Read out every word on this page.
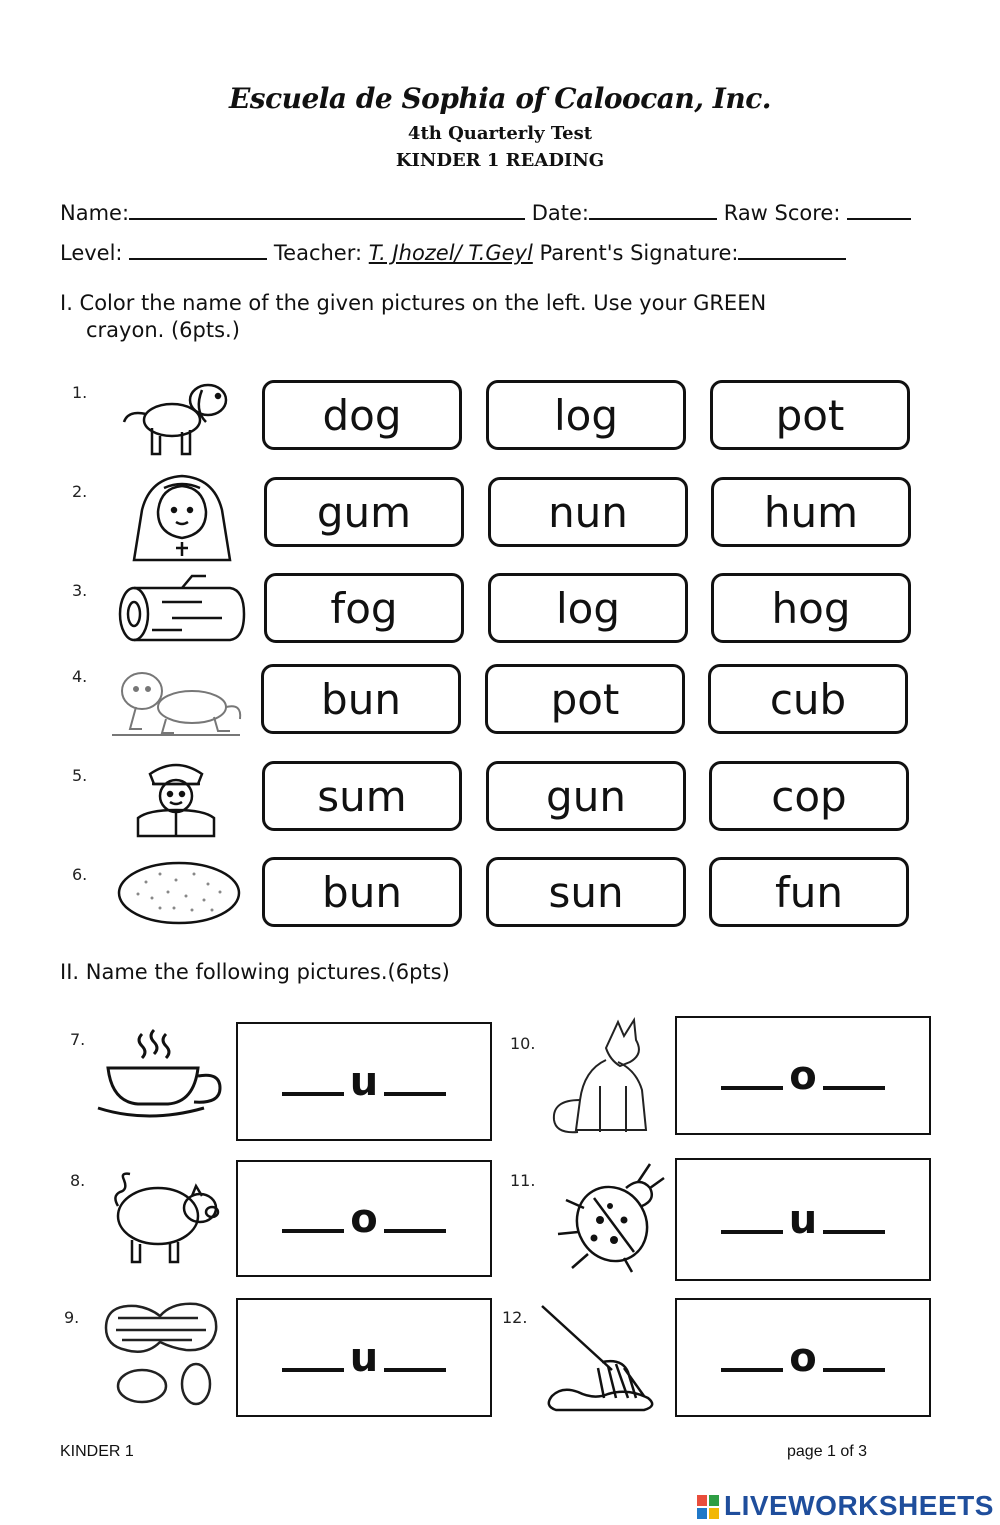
Escuela de Sophia of Caloocan, Inc.
4th Quarterly Test
KINDER 1 READING
Name:	Date:	Raw Score:
Level:	Teacher: T. Jhozel/ T.Geyl Parent's Signature:
I. Color the name of the given pictures on the left. Use your GREEN
crayon. (6pts.)
1.	dog	log	pot
2.	gum	nun	hum
3.	fog	log	hog
4.	bun	pot	cub
5.	sum	gun	cop
6.	bun	sun	fun
II. Name the following pictures.(6pts)
7.
u
8.
o
9.
u
10.
o
11.
u
12.
o
KINDER 1	page 1 of 3
LIVEWORKSHEETS
